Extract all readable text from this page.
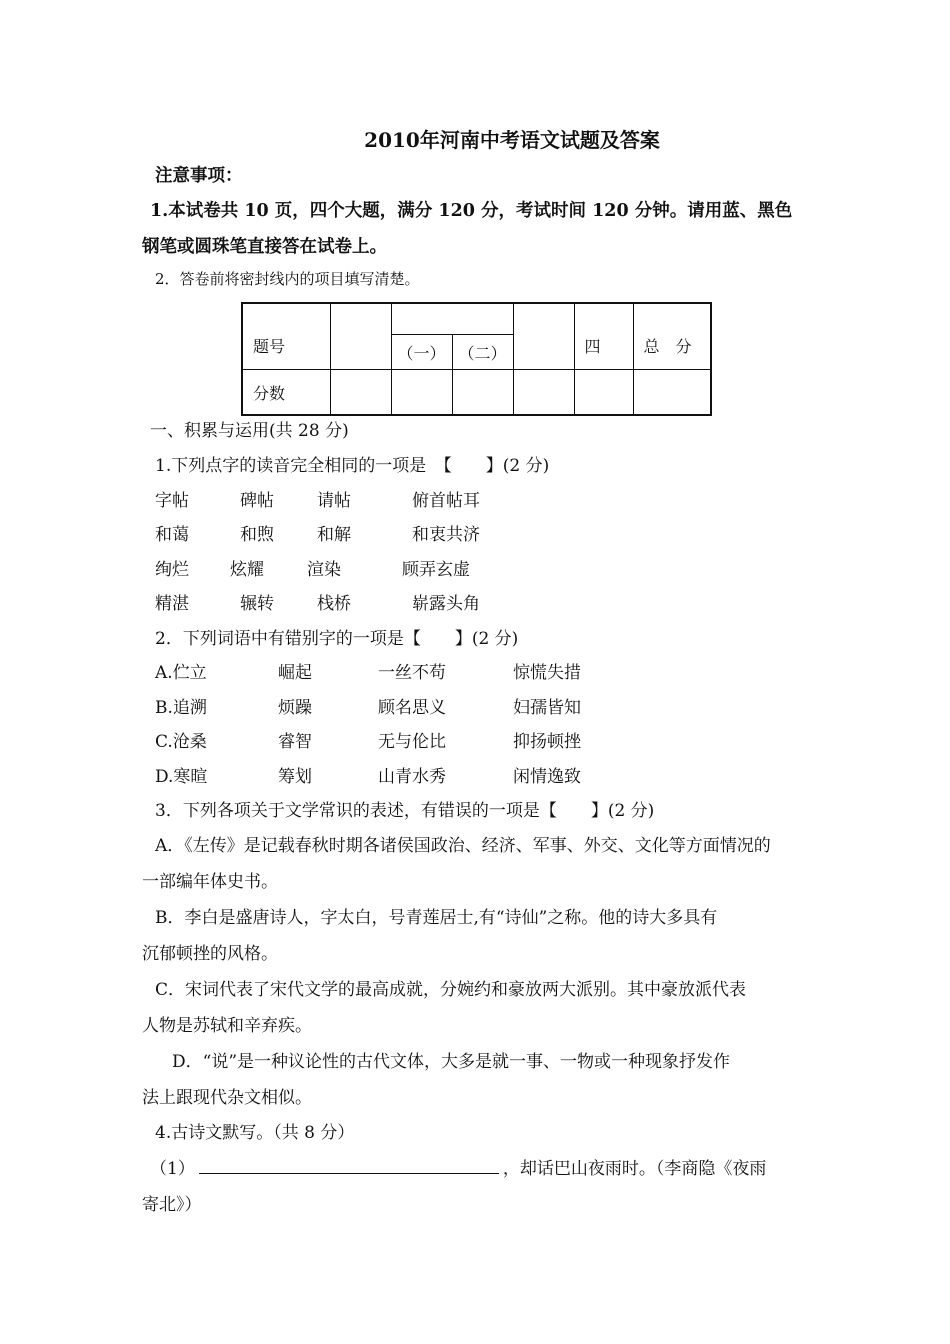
2010年河南中考语文试题及答案
注意事项：
1.本试卷共 10 页，四个大题，满分 120 分，考试时间 120 分钟。请用蓝、黑色
钢笔或圆珠笔直接答在试卷上。
2．答卷前将密封线内的项目填写清楚。
题号					四	总　分
		（一）	（二）			
分数						
一、积累与运用(共 28 分)
1.下列点字的读音完全相同的一项是　【　　】(2 分)
字帖	碑帖	请帖	俯首帖耳
和蔼	和煦	和解	和衷共济
绚烂 炫耀	渲染	顾弄玄虚
精湛	辗转	栈桥	崭露头角
2．下列词语中有错别字的一项是【　　】(2 分)
A.伫立	崛起	一丝不苟	惊慌失措
B.追溯	烦躁	顾名思义	妇孺皆知
C.沧桑	睿智	无与伦比	抑扬顿挫
D.寒暄	筹划	山青水秀	闲情逸致
3．下列各项关于文学常识的表述，有错误的一项是【　　】(2 分)
A．《左传》是记载春秋时期各诸侯国政治、经济、军事、外交、文化等方面情况的
一部编年体史书。
B．李白是盛唐诗人，字太白，号青莲居士,有“诗仙”之称。他的诗大多具有
沉郁顿挫的风格。
C．宋词代表了宋代文学的最高成就，分婉约和豪放两大派别。其中豪放派代表
人物是苏轼和辛弃疾。
D．“说”是一种议论性的古代文体，大多是就一事、一物或一种现象抒发作
法上跟现代杂文相似。
4.古诗文默写。（共 8 分）
（1）	，却话巴山夜雨时。（李商隐《夜雨
寄北》）
